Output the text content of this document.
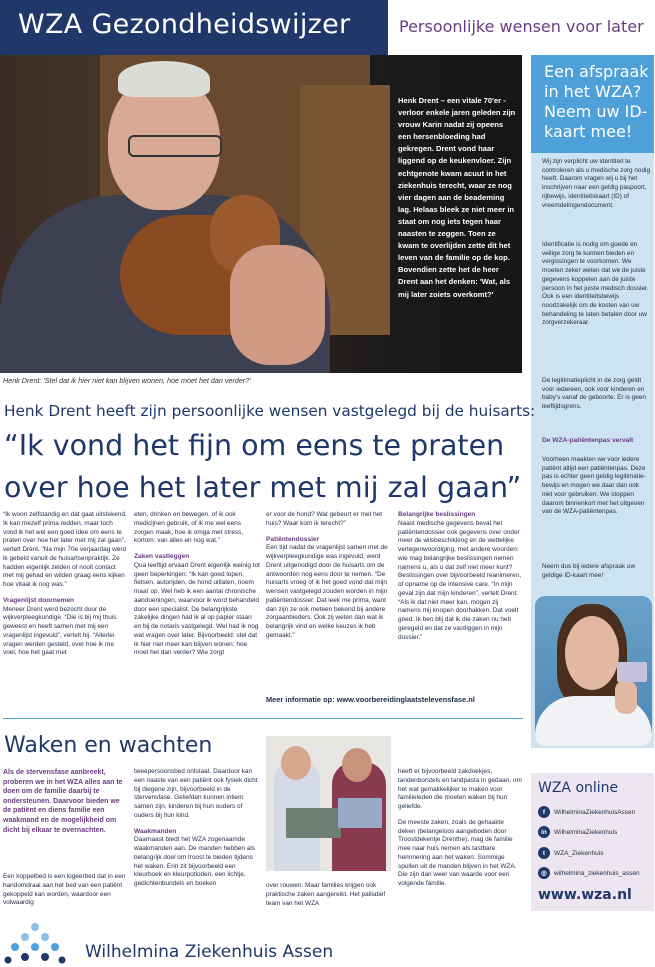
WZA Gezondheidswijzer	Persoonlijke wensen voor later
Henk Drent – een vitale 70'er - verloor enkele jaren geleden zijn vrouw Karin nadat zij opeens een hersenbloeding had gekregen. Drent vond haar liggend op de keukenvloer. Zijn echtgenote kwam acuut in het ziekenhuis terecht, waar ze nog vier dagen aan de beademing lag. Helaas bleek ze niet meer in staat om nog iets tegen haar naasten te zeggen. Toen ze kwam te overlijden zette dit het leven van de familie op de kop. Bovendien zette het de heer Drent aan het denken: 'Wat, als mij later zoiets overkomt?'
Henk Drent: 'Stel dat ik hier niet kan blijven wonen, hoe moet het dan verder?'
Een afspraak in het WZA? Neem uw ID-kaart mee!
Wij zijn verplicht uw identiteit te controleren als u medische zorg nodig heeft. Daarom vragen wij u bij het inschrijven naar een geldig paspoort, rijbewijs, identiteitskaart (ID) of vreemdelingendocument.
Identificatie is nodig om goede en veilige zorg te kunnen bieden en vergissingen te voorkomen. We moeten zeker weten dat we de juiste gegevens koppelen aan de juiste persoon in het juiste medisch dossier. Ook is een identiteitsbewijs noodzakelijk om de kosten van uw behandeling te laten betalen door uw zorgverzekeraar.
De legitimatieplicht in de zorg geldt voor iedereen, ook voor kinderen en baby's vanaf de geboorte. Er is geen leeftijdsgrens.
De WZA-patiëntenpas vervalt
Voorheen maakten we voor iedere patiënt altijd een patiëntenpas. Deze pas is echter geen geldig legitimatie-bewijs en mogen we daar dan ook niet voor gebruiken. We stoppen daarom binnenkort met het uitgeven van de WZA-patiëntenpas.
Neem dus bij iedere afspraak uw geldige ID-kaart mee!
Henk Drent heeft zijn persoonlijke wensen vastgelegd bij de huisarts:
“Ik vond het fijn om eens te praten over hoe het later met mij zal gaan”

“Ik woon zelfstandig en dat gaat uitstekend. Ik kan mezelf prima redden, maar toch vond ik het wel een goed idee om eens te praten over hoe het later met mij zal gaan”, vertelt Drent. “Na mijn 70e verjaardag werd ik gebeld vanuit de huisartsenpraktijk. Ze hadden eigenlijk zelden of nooit contact met mij gehad en wilden graag eens kijken hoe vitaal ik nog was.”

Vragenlijst doornemen

Meneer Drent werd bezocht door de wijkverpleegkundige. “Die is bij mij thuis geweest en heeft samen met mij een vragenlijst ingevuld”, vertelt hij. “Allerlei vragen werden gesteld, over hoe ik me voel, hoe het gaat met

eten, drinken en bewegen, of ik ook medicijnen gebruik, of ik me wel eens zorgen maak, hoe ik omga met stress, kortom: van alles en nog wat.”

Zaken vastleggen

Qua leeftijd ervaart Drent eigenlijk weinig tot geen beperkingen: “Ik kan goed lopen, fietsen, autorijden, de hond uitlaten, noem maar op. Wel heb ik een aantal chronische aandoeningen, waarvoor ik word behandeld door een specialist. De belangrijkste zakelijke dingen had ik al op papier staan en bij de notaris vastgelegd. Wel had ik nog wat vragen over later. Bijvoorbeeld: stel dat ik hier niet meer kan blijven wonen; hoe moet het dan verder? Wie zorgt

er voor de hond? Wat gebeurt er met het huis? Waar kom ik terecht?”

Patiëntendossier

Een tijd nadat de vragenlijst samen met de wijkverpleegkundige was ingevuld, werd Drent uitgenodigd door de huisarts om de antwoorden nog eens door te nemen. “De huisarts vroeg of ik het goed vond dat mijn wensen vastgelegd zouden worden in mijn patiëntendossier. Dat leek me prima, want dan zijn ze ook meteen bekend bij andere zorgaanbieders. Ook zij weten dan wat ik belangrijk vind en welke keuzes ik heb gemaakt.”

Belangrijke beslissingen

Naast medische gegevens bevat het patiëntendossier ook gegevens over onder meer de wilsbeschikking en de wettelijke vertegenwoordiging, met andere woorden: wie mag belangrijke beslissingen nemen namens u, als u dat zelf niet meer kunt? Beslissingen over bijvoorbeeld reanimeren, of opname op de intensive care. “In mijn geval zijn dat mijn kinderen”, vertelt Drent. “Als ik dat niet meer kan, mogen zij namens mij knopen doorhakken. Dat voelt goed. Ik ben blij dat ik die zaken nu heb geregeld en dat ze vastliggen in mijn dossier.”

Meer informatie op: www.voorbereidinglaatstelevensfase.nl
Waken en wachten
Als de stervensfase aanbreekt, proberen we in het WZA alles aan te doen om de familie daarbij te ondersteunen. Daarvoor bieden we de patiënt en diens familie een waakmand en de mogelijkheid om dicht bij elkaar te overnachten.

Een koppelbed is een logeerbed dat in een handomdraai aan het bed van een patiënt gekoppeld kan worden, waardoor een volwaardig

tweepersoonsbed ontstaat. Daardoor kan een naaste van een patiënt ook fysiek dicht bij diegene zijn, bijvoorbeeld in de stervensfase. Geliefden kunnen intiem samen zijn, kinderen bij hun ouders of ouders bij hun kind.

Waakmanden

Daarnaast biedt het WZA zogenaamde waakmanden aan. De manden hebben als belangrijk doel om troost te bieden tijdens het waken. Erin zit bijvoorbeeld een kleurboek en kleurpotloden, een lichtje, gedichtenbundels en boeken	over rouwen. Maar families krijgen ook praktische zaken aangereikt. Het palliatief team van het WZA

heeft er bijvoorbeeld zakdoekjes, tandenborstels en tandpasta in gedaan, om het wat gemakkelijker te maken voor familieleden die moeten waken bij hun geliefde.

De meeste zaken, zoals de gehaakte deken (belangeloos aangeboden door Troostdekentje Drenthe), mag de familie mee naar huis nemen als tastbare herinnering aan het waken. Sommige spullen uit de manden blijven in het WZA. Die zijn dan weer van waarde voor een volgende familie.

WZA online
f	WilhelminaZiekenhuisAssen
in	WilhelminaZiekenhuis
t	WZA_Ziekenhuis
◎	wilhelmina_ziekenhuis_assen
www.wza.nl
Wilhelmina Ziekenhuis Assen
